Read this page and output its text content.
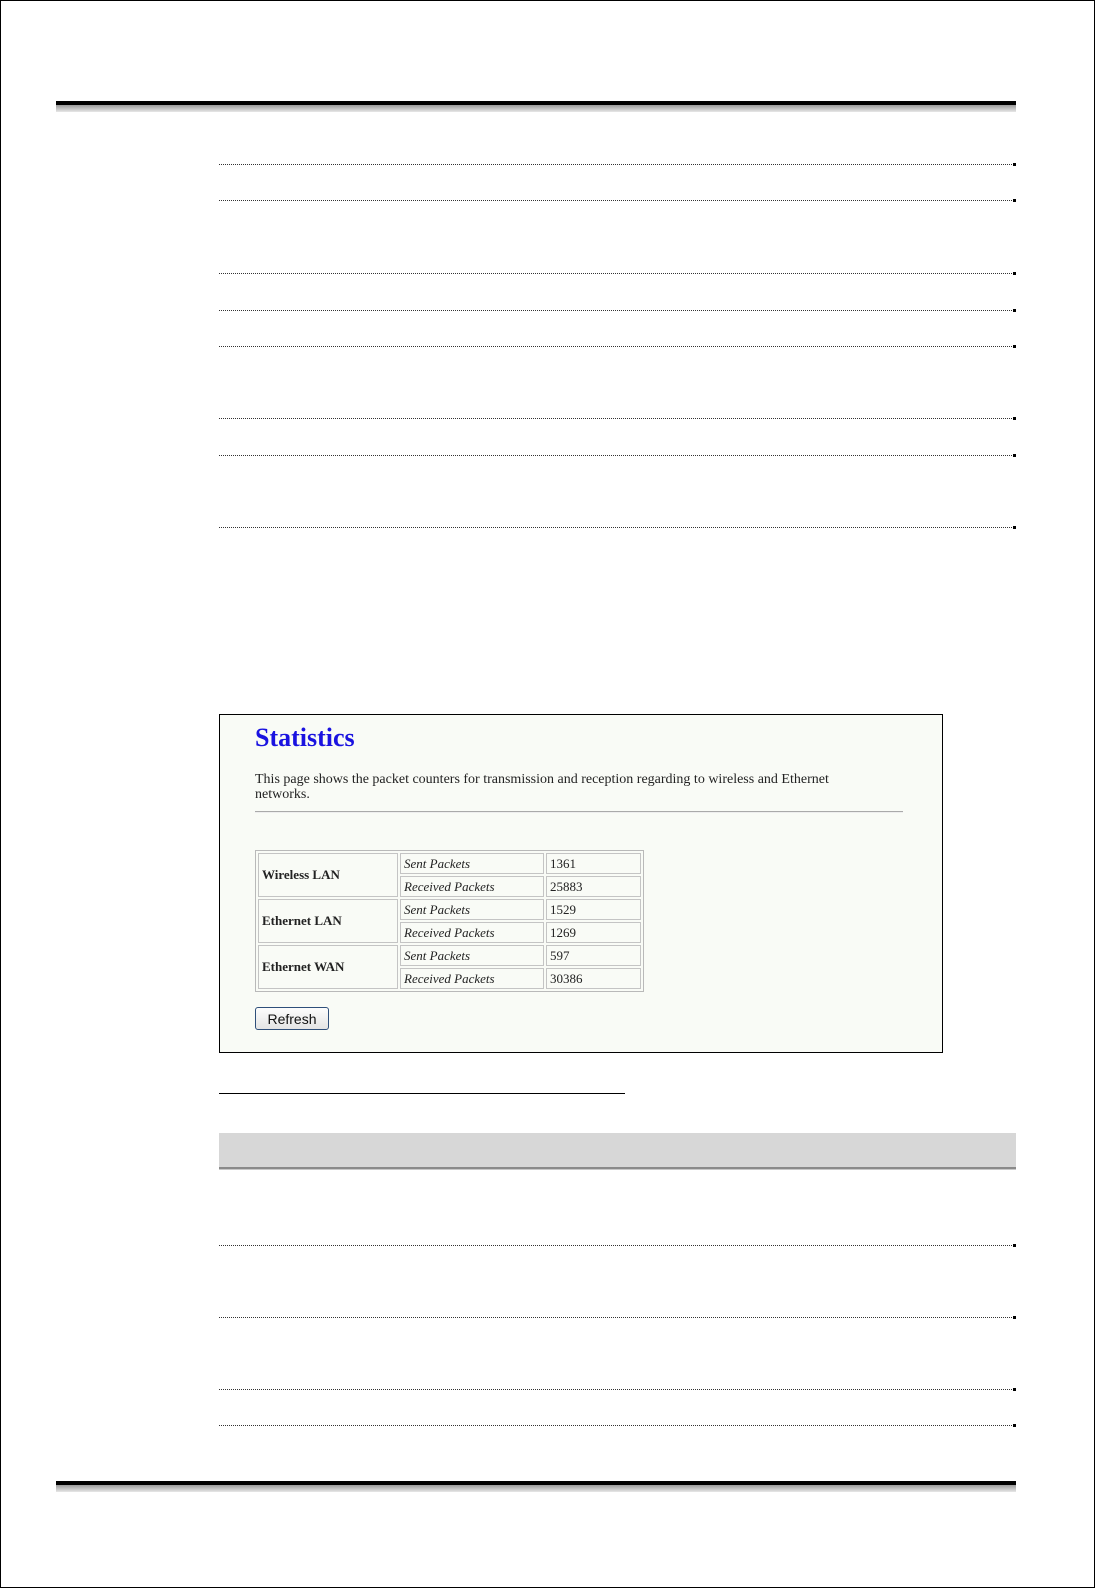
Statistics

This page shows the packet counters for transmission and reception regarding to wireless and Ethernet networks.

Wireless LAN	Sent Packets	1361
	Received Packets	25883
Ethernet LAN	Sent Packets	1529
	Received Packets	1269
Ethernet WAN	Sent Packets	597
	Received Packets	30386
Refresh
